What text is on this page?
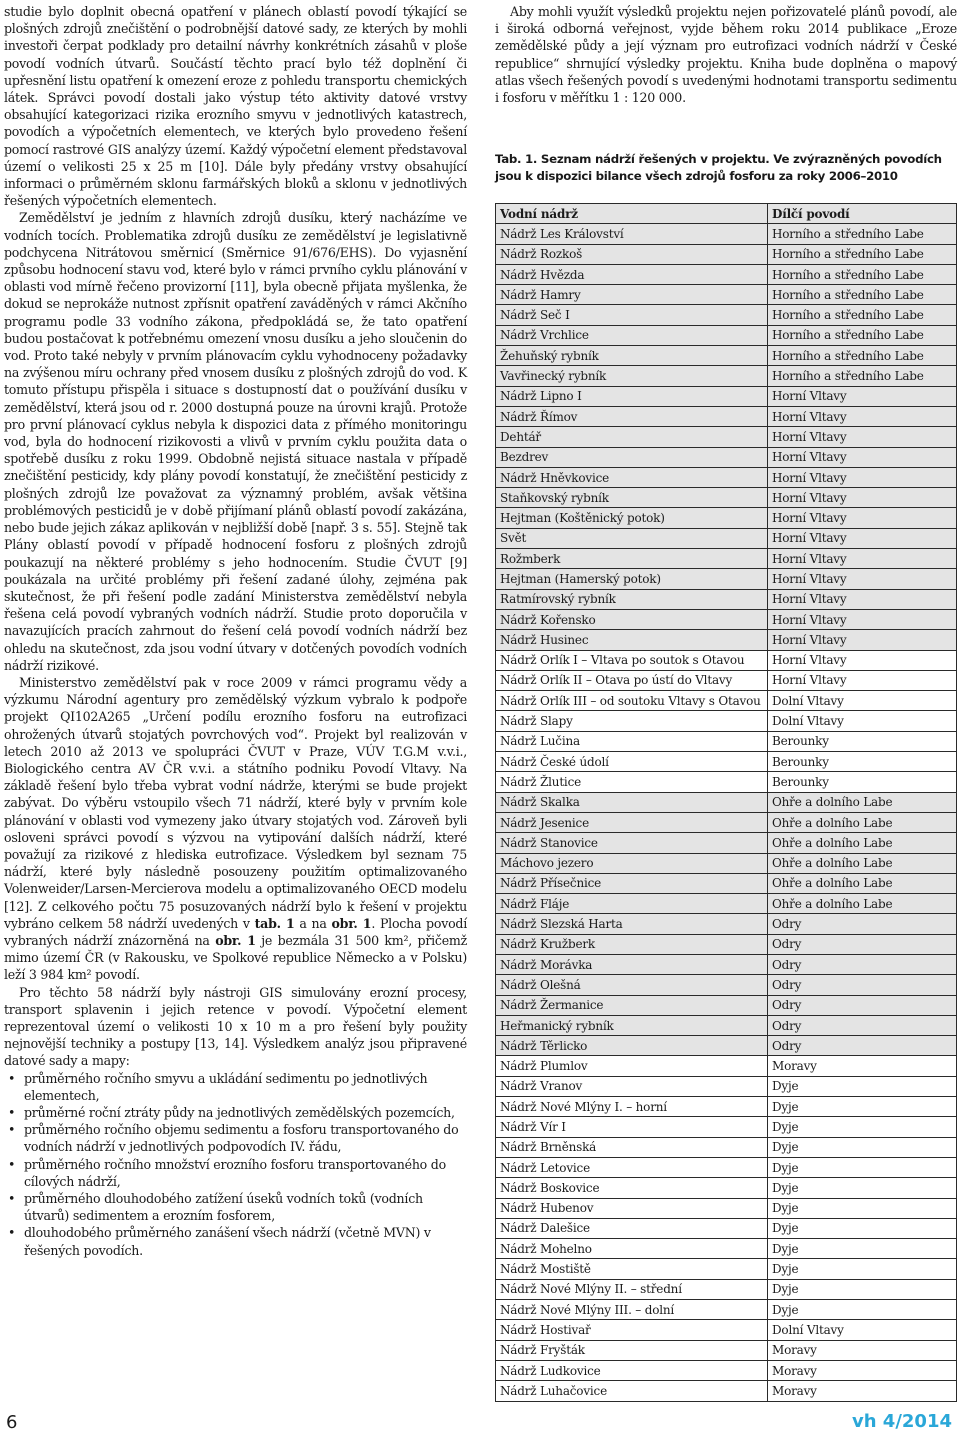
studie bylo doplnit obecná opatření v plánech oblastí povodí týkající se plošných zdrojů znečištění o podrobnější datové sady, ze kterých by mohli investoři čerpat podklady pro detailní návrhy konkrétních zásahů v ploše povodí vodních útvarů. Součástí těchto prací bylo též doplnění či upřesnění listu opatření k omezení eroze z pohledu transportu chemických látek. Správci povodí dostali jako výstup této aktivity datové vrstvy obsahující kategorizaci rizika erozního smyvu v jednotlivých katastrech, povodích a výpočetních elementech, ve kterých bylo provedeno řešení pomocí rastrové GIS analýzy území. Každý výpočetní element představoval území o velikosti 25 x 25 m [10]. Dále byly předány vrstvy obsahující informaci o průměrném sklonu farmářských bloků a sklonu v jednotlivých řešených výpočetních elementech.

Zemědělství je jedním z hlavních zdrojů dusíku, který nacházíme ve vodních tocích. Problematika zdrojů dusíku ze zemědělství je legislativně podchycena Nitrátovou směrnicí (Směrnice 91/676/EHS). Do vyjasnění způsobu hodnocení stavu vod, které bylo v rámci prvního cyklu plánování v oblasti vod mírně řečeno provizorní [11], byla obecně přijata myšlenka, že dokud se neprokáže nutnost zpřísnit opatření zaváděných v rámci Akčního programu podle 33 vodního zákona, předpokládá se, že tato opatření budou postačovat k potřebnému omezení vnosu dusíku a jeho sloučenin do vod. Proto také nebyly v prvním plánovacím cyklu vyhodnoceny požadavky na zvýšenou míru ochrany před vnosem dusíku z plošných zdrojů do vod. K tomuto přístupu přispěla i situace s dostupností dat o používání dusíku v zemědělství, která jsou od r. 2000 dostupná pouze na úrovni krajů. Protože pro první plánovací cyklus nebyla k dispozici data z přímého monitoringu vod, byla do hodnocení rizikovosti a vlivů v prvním cyklu použita data o spotřebě dusíku z roku 1999. Obdobně nejistá situace nastala v případě znečištění pesticidy, kdy plány povodí konstatují, že znečištění pesticidy z plošných zdrojů lze považovat za významný problém, avšak většina problémových pesticidů je v době přijímaní plánů oblastí povodí zakázána, nebo bude jejich zákaz aplikován v nejbližší době [např. 3 s. 55]. Stejně tak Plány oblastí povodí v případě hodnocení fosforu z plošných zdrojů poukazují na některé problémy s jeho hodnocením. Studie ČVUT [9] poukázala na určité problémy při řešení zadané úlohy, zejména pak skutečnost, že při řešení podle zadání Ministerstva zemědělství nebyla řešena celá povodí vybraných vodních nádrží. Studie proto doporučila v navazujících pracích zahrnout do řešení celá povodí vodních nádrží bez ohledu na skutečnost, zda jsou vodní útvary v dotčených povodích vodních nádrží rizikové.

Ministerstvo zemědělství pak v roce 2009 v rámci programu vědy a výzkumu Národní agentury pro zemědělský výzkum vybralo k podpoře projekt QI102A265 „Určení podílu erozního fosforu na eutrofizaci ohrožených útvarů stojatých povrchových vod“. Projekt byl realizován v letech 2010 až 2013 ve spolupráci ČVUT v Praze, VÚV T.G.M v.v.i., Biologického centra AV ČR v.v.i. a státního podniku Povodí Vltavy. Na základě řešení bylo třeba vybrat vodní nádrže, kterými se bude projekt zabývat. Do výběru vstoupilo všech 71 nádrží, které byly v prvním kole plánování v oblasti vod vymezeny jako útvary stojatých vod. Zároveň byli osloveni správci povodí s výzvou na vytipování dalších nádrží, které považují za rizikové z hlediska eutrofizace. Výsledkem byl seznam 75 nádrží, které byly následně posouzeny použitím optimalizovaného Volenweider/Larsen-Mercierova modelu a optimalizovaného OECD modelu [12]. Z celkového počtu 75 posuzovaných nádrží bylo k řešení v projektu vybráno celkem 58 nádrží uvedených v tab. 1 a na obr. 1. Plocha povodí vybraných nádrží znázorněná na obr. 1 je bezmála 31 500 km², přičemž mimo území ČR (v Rakousku, ve Spolkové republice Německo a v Polsku) leží 3 984 km² povodí.

Pro těchto 58 nádrží byly nástroji GIS simulovány erozní procesy, transport splavenin i jejich retence v povodí. Výpočetní element reprezentoval území o velikosti 10 x 10 m a pro řešení byly použity nejnovější techniky a postupy [13, 14]. Výsledkem analýz jsou připravené datové sady a mapy:

• průměrného ročního smyvu a ukládání sedimentu po jednotlivých elementech,
• průměrné roční ztráty půdy na jednotlivých zemědělských pozemcích,
• průměrného ročního objemu sedimentu a fosforu transportovaného do vodních nádrží v jednotlivých podpovodích IV. řádu,
• průměrného ročního množství erozního fosforu transportovaného do cílových nádrží,
• průměrného dlouhodobého zatížení úseků vodních toků (vodních útvarů) sedimentem a erozním fosforem,
• dlouhodobého průměrného zanášení všech nádrží (včetně MVN) v řešených povodích.

Aby mohli využít výsledků projektu nejen pořizovatelé plánů povodí, ale i široká odborná veřejnost, vyjde během roku 2014 publikace „Eroze zemědělské půdy a její význam pro eutrofizaci vodních nádrží v České republice“ shrnující výsledky projektu. Kniha bude doplněna o mapový atlas všech řešených povodí s uvedenými hodnotami transportu sedimentu i fosforu v měřítku 1 : 120 000.

Tab. 1. Seznam nádrží řešených v projektu. Ve zvýrazněných povodích jsou k dispozici bilance všech zdrojů fosforu za roky 2006–2010
Vodní nádrž	Dílčí povodí
Nádrž Les Království	Horního a středního Labe
Nádrž Rozkoš	Horního a středního Labe
Nádrž Hvězda	Horního a středního Labe
Nádrž Hamry	Horního a středního Labe
Nádrž Seč I	Horního a středního Labe
Nádrž Vrchlice	Horního a středního Labe
Žehuňský rybník	Horního a středního Labe
Vavřinecký rybník	Horního a středního Labe
Nádrž Lipno I	Horní Vltavy
Nádrž Římov	Horní Vltavy
Dehtář	Horní Vltavy
Bezdrev	Horní Vltavy
Nádrž Hněvkovice	Horní Vltavy
Staňkovský rybník	Horní Vltavy
Hejtman (Koštěnický potok)	Horní Vltavy
Svět	Horní Vltavy
Rožmberk	Horní Vltavy
Hejtman (Hamerský potok)	Horní Vltavy
Ratmírovský rybník	Horní Vltavy
Nádrž Kořensko	Horní Vltavy
Nádrž Husinec	Horní Vltavy
Nádrž Orlík I – Vltava po soutok s Otavou	Horní Vltavy
Nádrž Orlík II – Otava po ústí do Vltavy	Horní Vltavy
Nádrž Orlík III – od soutoku Vltavy s Otavou	Dolní Vltavy
Nádrž Slapy	Dolní Vltavy
Nádrž Lučina	Berounky
Nádrž České údolí	Berounky
Nádrž Žlutice	Berounky
Nádrž Skalka	Ohře a dolního Labe
Nádrž Jesenice	Ohře a dolního Labe
Nádrž Stanovice	Ohře a dolního Labe
Máchovo jezero	Ohře a dolního Labe
Nádrž Přísečnice	Ohře a dolního Labe
Nádrž Fláje	Ohře a dolního Labe
Nádrž Slezská Harta	Odry
Nádrž Kružberk	Odry
Nádrž Morávka	Odry
Nádrž Olešná	Odry
Nádrž Žermanice	Odry
Heřmanický rybník	Odry
Nádrž Těrlicko	Odry
Nádrž Plumlov	Moravy
Nádrž Vranov	Dyje
Nádrž Nové Mlýny I. – horní	Dyje
Nádrž Vír I	Dyje
Nádrž Brněnská	Dyje
Nádrž Letovice	Dyje
Nádrž Boskovice	Dyje
Nádrž Hubenov	Dyje
Nádrž Dalešice	Dyje
Nádrž Mohelno	Dyje
Nádrž Mostiště	Dyje
Nádrž Nové Mlýny II. – střední	Dyje
Nádrž Nové Mlýny III. – dolní	Dyje
Nádrž Hostivař	Dolní Vltavy
Nádrž Fryšták	Moravy
Nádrž Ludkovice	Moravy
Nádrž Luhačovice	Moravy
6	vh 4/2014
